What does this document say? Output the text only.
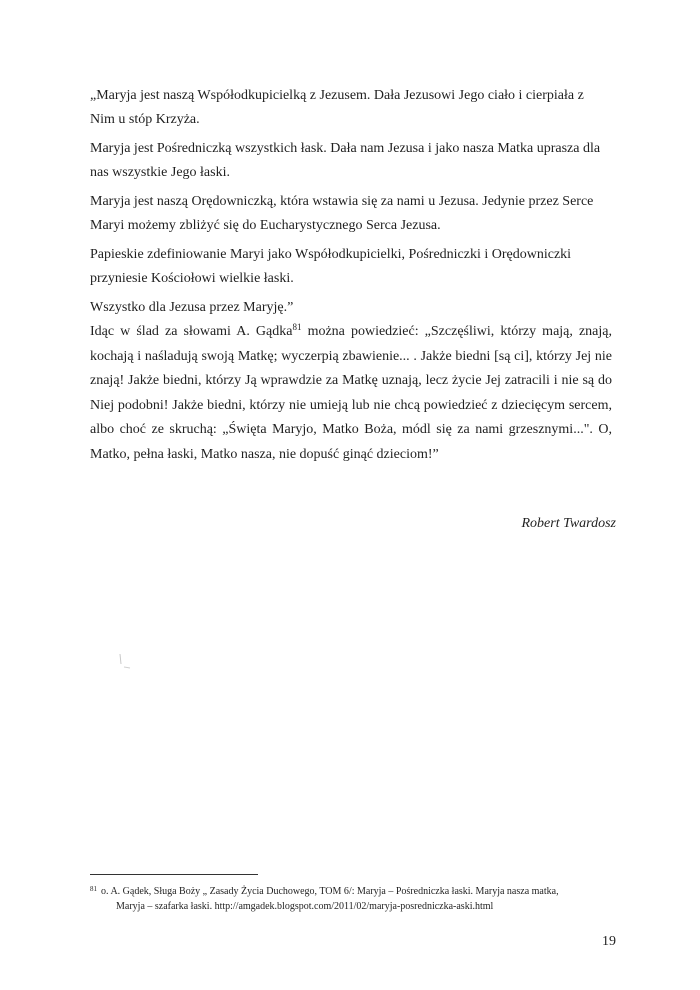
„Maryja jest naszą Współodkupicielką z Jezusem. Dała Jezusowi Jego ciało i cierpiała z Nim u stóp Krzyża.

Maryja jest Pośredniczką wszystkich łask. Dała nam Jezusa i jako nasza Matka uprasza dla nas wszystkie Jego łaski.

Maryja jest naszą Orędowniczką, która wstawia się za nami u Jezusa. Jedynie przez Serce Maryi możemy zbliżyć się do Eucharystycznego Serca Jezusa.

Papieskie zdefiniowanie Maryi jako Współodkupicielki, Pośredniczki i Orędowniczki przyniesie Kościołowi wielkie łaski.

Wszystko dla Jezusa przez Maryję.”

Idąc w ślad za słowami A. Gądka$^{81}$ można powiedzieć: „Szczęśliwi, którzy mają, znają, kochają i naśladują swoją Matkę; wyczerpią zbawienie... . Jakże biedni [są ci], którzy Jej nie znają! Jakże biedni, którzy Ją wprawdzie za Matkę uznają, lecz życie Jej zatracili i nie są do Niej podobni! Jakże biedni, którzy nie umieją lub nie chcą powiedzieć z dziecięcym sercem, albo choć ze skruchą: „Święta Maryjo, Matko Boża, módl się za nami grzesznymi...". O, Matko, pełna łaski, Matko nasza, nie dopuść ginąć dzieciom!”

Robert Twardosz
$^{81}$ o. A. Gądek, Sługa Boży „ Zasady Życia Duchowego, TOM 6/: Maryja – Pośredniczka łaski. Maryja nasza matka,
Maryja – szafarka łaski. http://amgadek.blogspot.com/2011/02/maryja-posredniczka-aski.html
19
